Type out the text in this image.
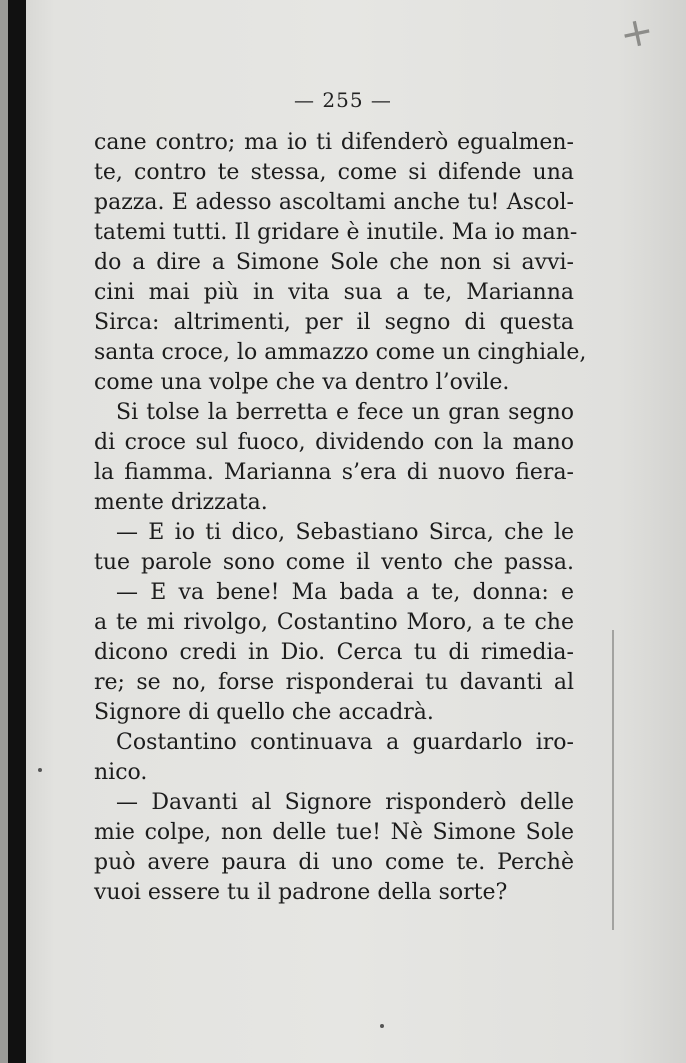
+
— 255 —
cane contro; ma io ti difenderò egualmen-
te, contro te stessa, come si difende una
pazza. E adesso ascoltami anche tu! Ascol-
tatemi tutti. Il gridare è inutile. Ma io man-
do a dire a Simone Sole che non si avvi-
cini mai più in vita sua a te, Marianna
Sirca: altrimenti, per il segno di questa
santa croce, lo ammazzo come un cinghiale,
come una volpe che va dentro l’ovile.
Si tolse la berretta e fece un gran segno
di croce sul fuoco, dividendo con la mano
la fiamma. Marianna s’era di nuovo fiera-
mente drizzata.
— E io ti dico, Sebastiano Sirca, che le
tue parole sono come il vento che passa.
— E va bene! Ma bada a te, donna: e
a te mi rivolgo, Costantino Moro, a te che
dicono credi in Dio. Cerca tu di rimedia-
re; se no, forse risponderai tu davanti al
Signore di quello che accadrà.
Costantino continuava a guardarlo iro-
nico.
— Davanti al Signore risponderò delle
mie colpe, non delle tue! Nè Simone Sole
può avere paura di uno come te. Perchè
vuoi essere tu il padrone della sorte?
